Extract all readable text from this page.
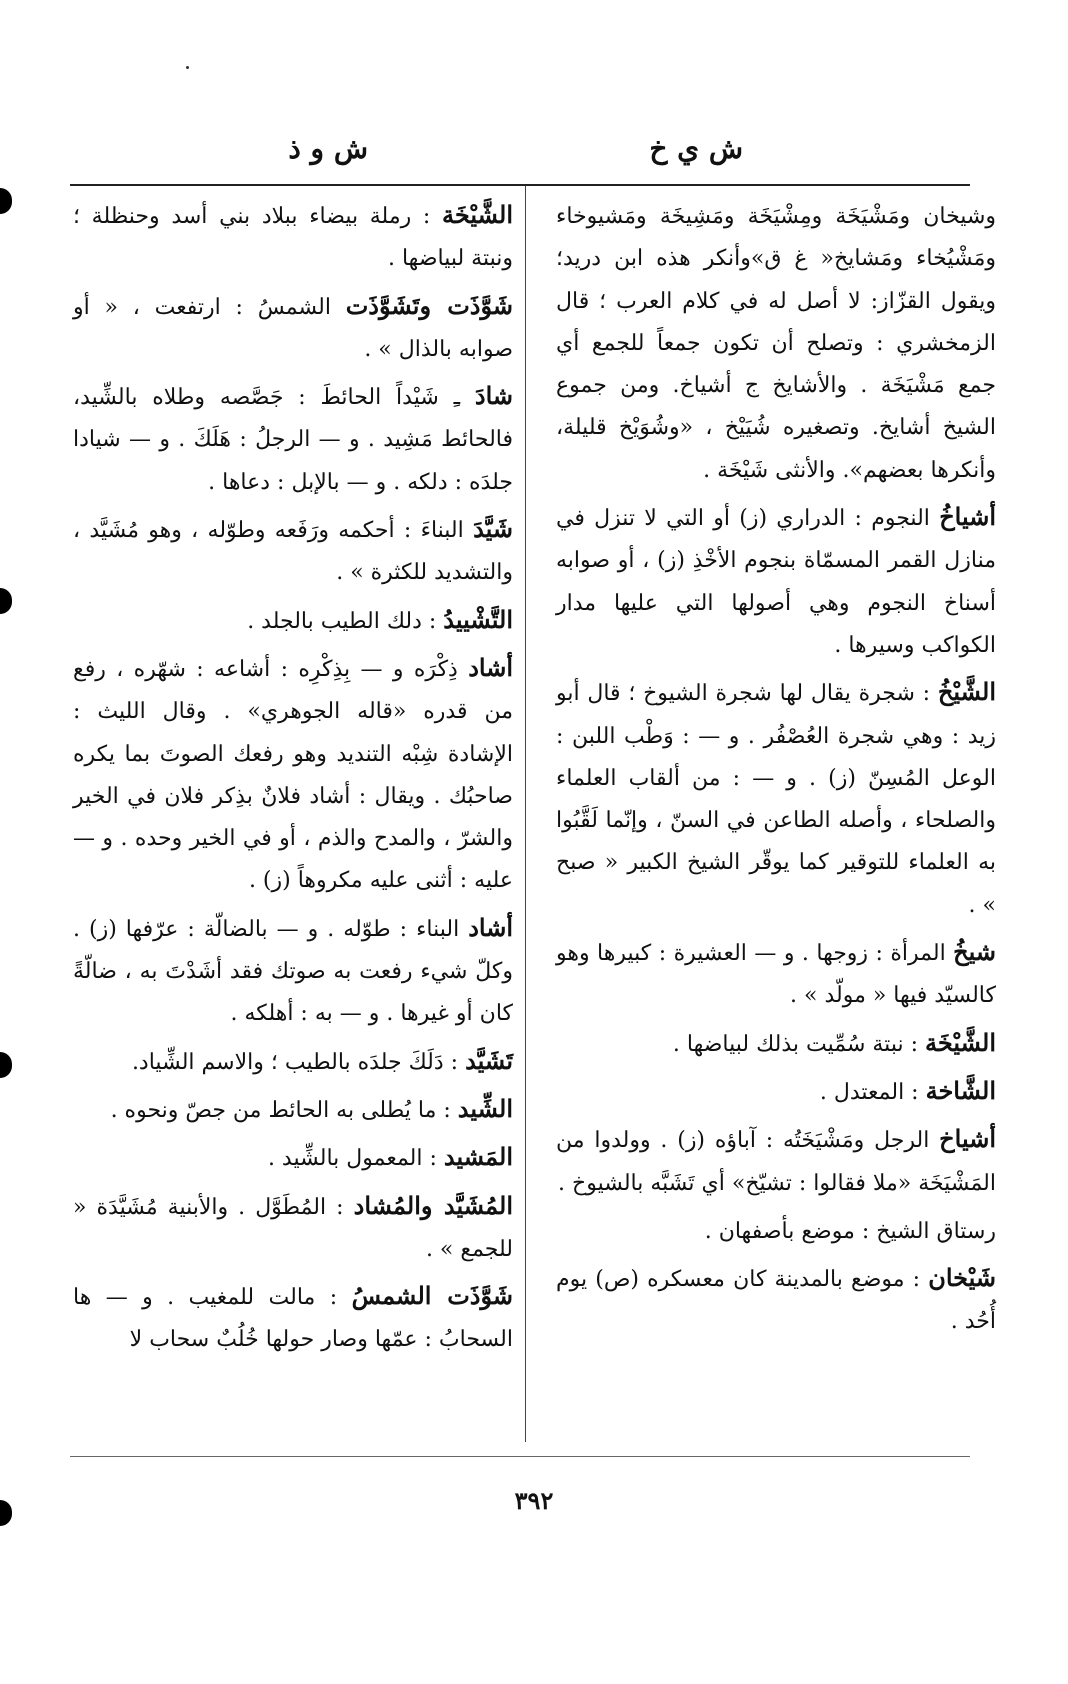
ش ي خ
ش و ذ

وشيخان ومَشْيَخَة ومِشْيَخَة ومَشِيخَة ومَشيوخاء ومَشْيُخاء ومَشايخ« غ ق»وأنكر هذه ابن دريد؛ويقول القزّاز: لا أصل له في كلام العرب ؛ قال الزمخشري : وتصلح أن تكون جمعاً للجمع أي جمع مَشْيَخَة . والأشايخ ج أشياخ. ومن جموع الشيخ أشايخ. وتصغيره شُيَيْخ ، «وشُوَيْخ قليلة، وأنكرها بعضهم». والأنثى شَيْخَة .

أشياخُ النجوم : الدراري (ز) أو التي لا تنزل في منازل القمر المسمّاة بنجوم الأخْذِ (ز) ، أو صوابه أسناخ النجوم وهي أصولها التي عليها مدار الكواكب وسيرها .

الشَّيْخُ : شجرة يقال لها شجرة الشيوخ ؛ قال أبو زيد : وهي شجرة العُصْفُر . و — : وَطْب اللبن : الوعل المُسِنّ (ز) . و — : من ألقاب العلماء والصلحاء ، وأصله الطاعن في السنّ ، وإنّما لَقَّبُوا به العلماء للتوقير كما يوقّر الشيخ الكبير « صبح » .

شيخُ المرأة : زوجها . و — العشيرة : كبيرها وهو كالسيّد فيها « مولّد » .

الشَّيْخَة : نبتة سُمِّيت بذلك لبياضها .

الشَّاخة : المعتدل .

أشياخ الرجل ومَشْيَخَتُه : آباؤه (ز) . وولدوا من المَشْيَخَة «ملا فقالوا : تشيّخ» أي تَشَبَّه بالشيوخ .

رستاق الشيخ : موضع بأصفهان .

شَيْخان : موضع بالمدينة كان معسكره (ص) يوم أُحُد .

الشَّيْخَة : رملة بيضاء ببلاد بني أسد وحنظلة ؛ ونبتة لبياضها .

شَوَّذَت وتَشَوَّذَت الشمسُ : ارتفعت ، « أو صوابه بالذال » .

شادَ ـِ شَيْداً الحائطَ : جَصَّصه وطلاه بالشِّيد، فالحائط مَشِيد . و — الرجلُ : هَلَكَ . و — شيادا جلدَه : دلكه . و — بالإبل : دعاها .

شَيَّدَ البناءَ : أحكمه ورَفَعه وطوّله ، وهو مُشَيَّد ، والتشديد للكثرة » .

التَّشْييدُ : دلك الطيب بالجلد .

أشاد ذِكْرَه و — بِذِكْرِه : أشاعه : شهّره ، رفع من قدره «قاله الجوهري» . وقال الليث : الإشادة شِبْه التنديد وهو رفعك الصوتَ بما يكره صاحبُك . ويقال : أشاد فلانٌ بذِكر فلان في الخير والشرّ ، والمدح والذم ، أو في الخير وحده . و — عليه : أثنى عليه مكروهاً (ز) .

أشاد البناء : طوّله . و — بالضالّة : عرّفها (ز) . وكلّ شيء رفعت به صوتك فقد أشَدْتَ به ، ضالّةً كان أو غيرها . و — به : أهلكه .

تَشَيَّد : دَلَكَ جلدَه بالطيب ؛ والاسم الشِّياد.

الشِّيد : ما يُطلى به الحائط من جصّ ونحوه .

المَشيد : المعمول بالشِّيد .

المُشَيَّد والمُشاد : المُطَوَّل . والأبنية مُشَيَّدَة « للجمع » .

شَوَّذَت الشمسُ : مالت للمغيب . و — ها السحابُ : عمّها وصار حولها خُلُبٌ سحاب لا

٣٩٢
